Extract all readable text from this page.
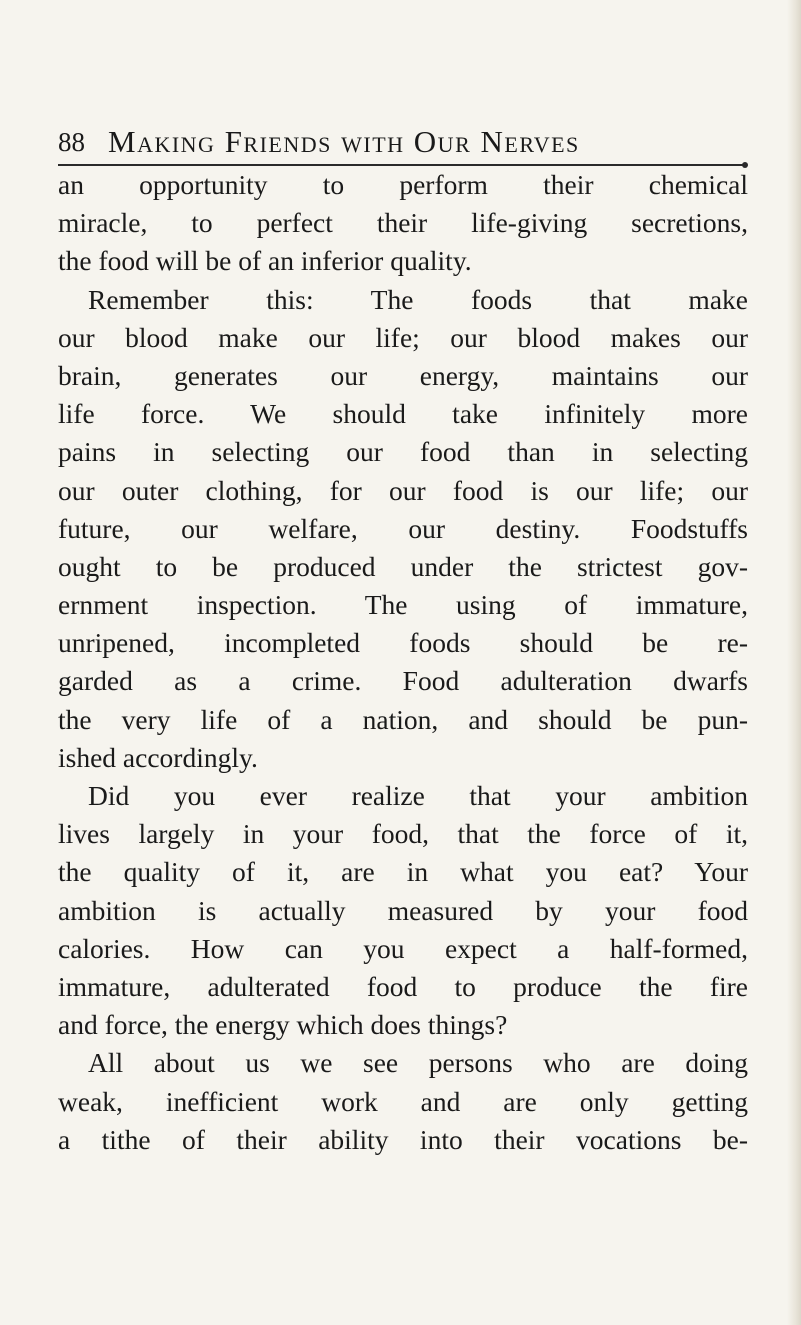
88 Making Friends with Our Nerves
an opportunity to perform their chemical
miracle, to perfect their life-giving secretions,
the food will be of an inferior quality.
Remember this: The foods that make
our blood make our life; our blood makes our
brain, generates our energy, maintains our
life force. We should take infinitely more
pains in selecting our food than in selecting
our outer clothing, for our food is our life; our
future, our welfare, our destiny. Foodstuffs
ought to be produced under the strictest gov-
ernment inspection. The using of immature,
unripened, incompleted foods should be re-
garded as a crime. Food adulteration dwarfs
the very life of a nation, and should be pun-
ished accordingly.
Did you ever realize that your ambition
lives largely in your food, that the force of it,
the quality of it, are in what you eat? Your
ambition is actually measured by your food
calories. How can you expect a half-formed,
immature, adulterated food to produce the fire
and force, the energy which does things?
All about us we see persons who are doing
weak, inefficient work and are only getting
a tithe of their ability into their vocations be-
